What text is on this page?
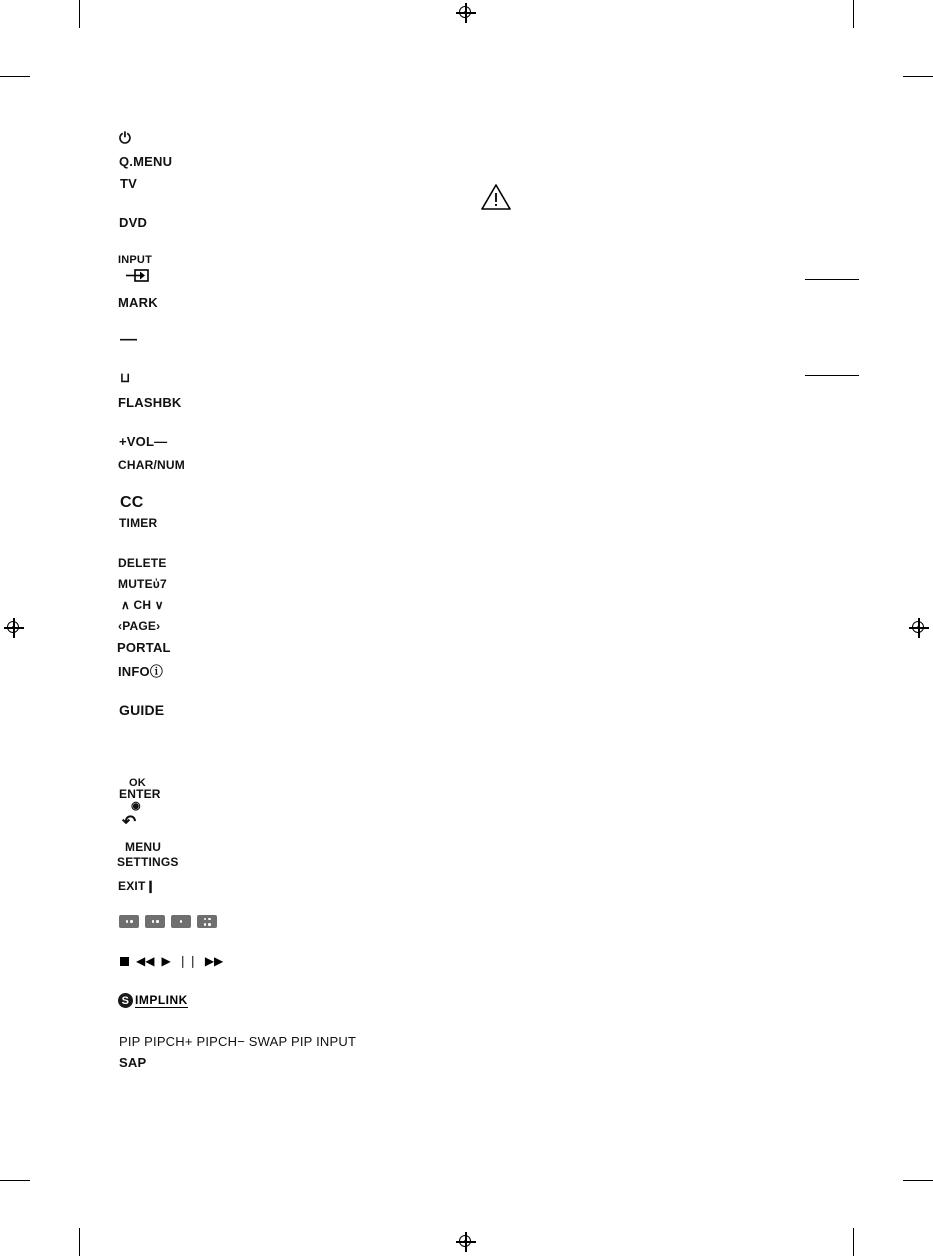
⏻
Q.MENU
TV
DVD
INPUT
MARK
—
⊔
FLASHBK
+VOL—
CHAR/NUM
CC
TIMER
DELETE
MUTEὐ7
∧ CH ∨
‹PAGE›
PORTAL
INFOⓘ
GUIDE
OK
ENTER
◉
↶
MENU
SETTINGS
EXIT❙
◀◀ ▶ ❘❘ ▶▶
S IMPLINK
PIP PIPCH+ PIPCH− SWAP PIP INPUT
SAP
